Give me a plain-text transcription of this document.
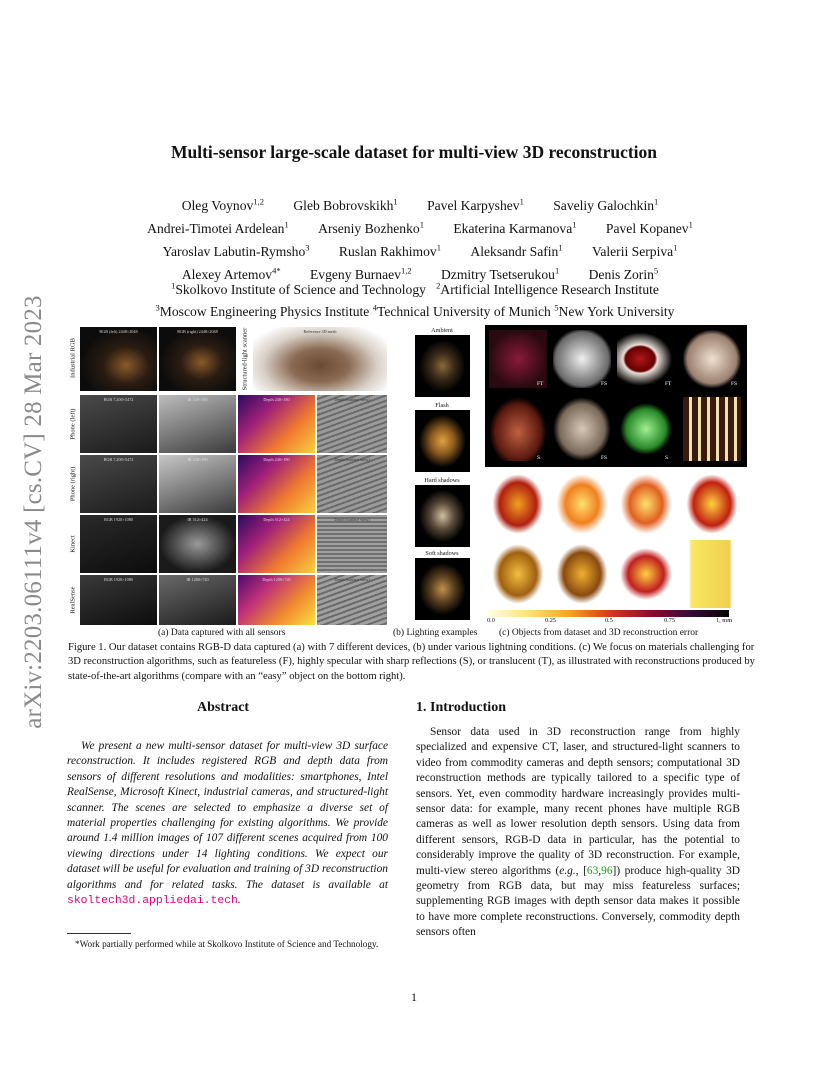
arXiv:2203.06111v4 [cs.CV] 28 Mar 2023
Multi-sensor large-scale dataset for multi-view 3D reconstruction
Oleg Voynov$^{1,2}$ Gleb Bobrovskikh$^1$ Pavel Karpyshev$^1$ Saveliy Galochkin$^1$
Andrei-Timotei Ardelean$^1$ Arseniy Bozhenko$^1$ Ekaterina Karmanova$^1$ Pavel Kopanev$^1$
Yaroslav Labutin-Rymsho$^3$ Ruslan Rakhimov$^1$ Aleksandr Safin$^1$ Valerii Serpiva$^1$
Alexey Artemov$^{4*}$ Evgeny Burnaev$^{1,2}$ Dzmitry Tsetserukou$^1$ Denis Zorin$^5$
$^1$Skolkovo Institute of Science and Technology $^2$Artificial Intelligence Research Institute
$^3$Moscow Engineering Physics Institute $^4$Technical University of Munich $^5$New York University
Industrial RGB
Phone (left)
Phone (right)
Kinect
RealSense
RGB (left) 2448×2048	RGB (right) 2448×2048	Structured-light scanner	Reference 3D mesh
RGB 7,200×5472	IR 240×180	Depth 240×180	Depth (surface view)
RGB 7,200×5472	IR 240×180	Depth 240×180	Depth (surface view)
RGB 1920×1080	IR 512×424	Depth 512×424	Depth (surface view)
RGB 1920×1080	IR 1280×720	Depth 1280×720	Depth (surface view)
Ambient
Flash
Hard shadows
Soft shadows
FT	FS	FT	FS
S	FS	S
0.0	0.25	0.5	0.75	1, mm
(a) Data captured with all sensors	(b) Lighting examples (c) Objects from dataset and 3D reconstruction error
Figure 1. Our dataset contains RGB-D data captured (a) with 7 different devices, (b) under various lightning conditions. (c) We focus on materials challenging for 3D reconstruction algorithms, such as featureless (F), highly specular with sharp reflections (S), or translucent (T), as illustrated with reconstructions produced by state-of-the-art algorithms (compare with an “easy” object on the bottom right).
Abstract
We present a new multi-sensor dataset for multi-view 3D surface reconstruction. It includes registered RGB and depth data from sensors of different resolutions and modalities: smartphones, Intel RealSense, Microsoft Kinect, industrial cameras, and structured-light scanner. The scenes are selected to emphasize a diverse set of material properties challenging for existing algorithms. We provide around 1.4 million images of 107 different scenes acquired from 100 viewing directions under 14 lighting conditions. We expect our dataset will be useful for evaluation and training of 3D reconstruction algorithms and for related tasks. The dataset is available at skoltech3d.appliedai.tech.
*Work partially performed while at Skolkovo Institute of Science and Technology.
1. Introduction
Sensor data used in 3D reconstruction range from highly specialized and expensive CT, laser, and structured-light scanners to video from commodity cameras and depth sensors; computational 3D reconstruction methods are typically tailored to a specific type of sensors. Yet, even commodity hardware increasingly provides multi-sensor data: for example, many recent phones have multiple RGB cameras as well as lower resolution depth sensors. Using data from different sensors, RGB-D data in particular, has the potential to considerably improve the quality of 3D reconstruction. For example, multi-view stereo algorithms (e.g., [63,96]) produce high-quality 3D geometry from RGB data, but may miss featureless surfaces; supplementing RGB images with depth sensor data makes it possible to have more complete reconstructions. Conversely, commodity depth sensors often
1
